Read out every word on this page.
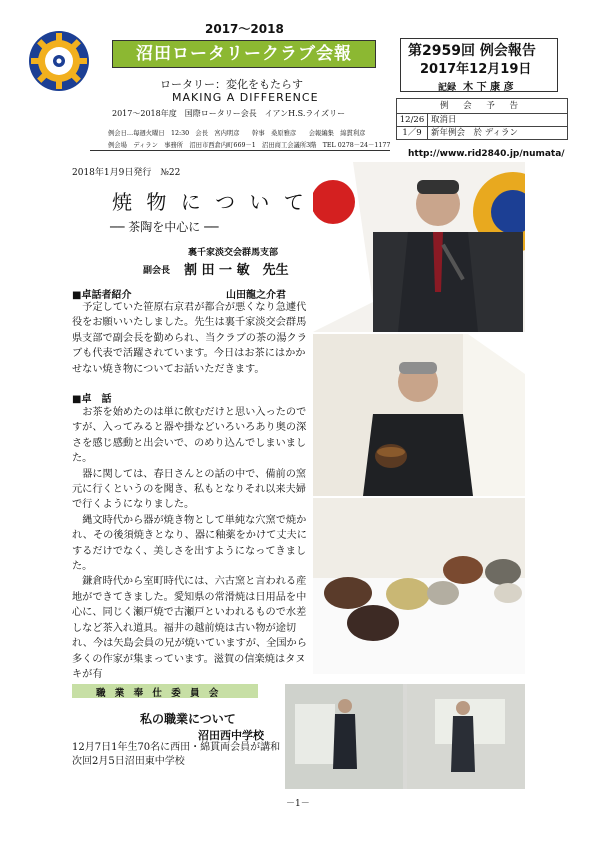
2017～2018
沼田ロータリークラブ会報
ロータリー：変化をもたらす
MAKING A DIFFERENCE
2017～2018年度　国際ロータリー会長　イアンH.S.ライズリー
第2959回 例会報告
2017年12月19日
記録 木 下 康 彦
例 会 予 告
12/26 取消日
1／9	新年例会　於 ディラン
例会日…毎週火曜日　12:30　会長　宮内明彦　　幹事　桑原雅彦　　会報編集　綿貫利彦
例会場　ディラン　事務所　沼田市西倉内町669－1　沼田商工会議所3階　TEL 0278－24－1177
http://www.rid2840.jp/numata/
2018年1月9日発行　№22
焼 物 に つ い て
── 茶陶を中心に ──
裏千家淡交会群馬支部
副会長 割 田 一 敏　先生
■卓話者紹介	山田龍之介君

予定していた笹原右京君が都合が悪くなり急遽代役をお願いいたしました。先生は裏千家淡交会群馬県支部で副会長を勤められ、当クラブの茶の湯クラブも代表で活躍されています。今日はお茶にはかかせない焼き物についてお話いただきます。

■卓　話

お茶を始めたのは単に飲むだけと思い入ったのですが、入ってみると器や掛などいろいろあり奥の深さを感じ感動と出会いで、のめり込んでしまいました。

器に関しては、春日さんとの話の中で、備前の窯元に行くというのを聞き、私もとなりそれ以来夫婦で行くようになりました。

縄文時代から器が焼き物として単純な穴窯で焼かれ、その後須焼きとなり、器に釉薬をかけて丈夫にするだけでなく、美しさを出すようになってきました。

鎌倉時代から室町時代には、六古窯と言われる産地ができてきました。愛知県の常滑焼は日用品を中心に、同じく瀬戸焼で古瀬戸といわれるもので水差しなど茶入れ道具。福井の越前焼は古い物が途切れ、今は矢島会員の兄が焼いていますが、全国から多くの作家が集まっています。滋賀の信楽焼はタヌキが有

職 業 奉 仕 委 員 会
私の職業について
沼田西中学校
12月7日1年生70名に西田・綿貫両会員が講和
次回2月5日沼田東中学校
－1－
